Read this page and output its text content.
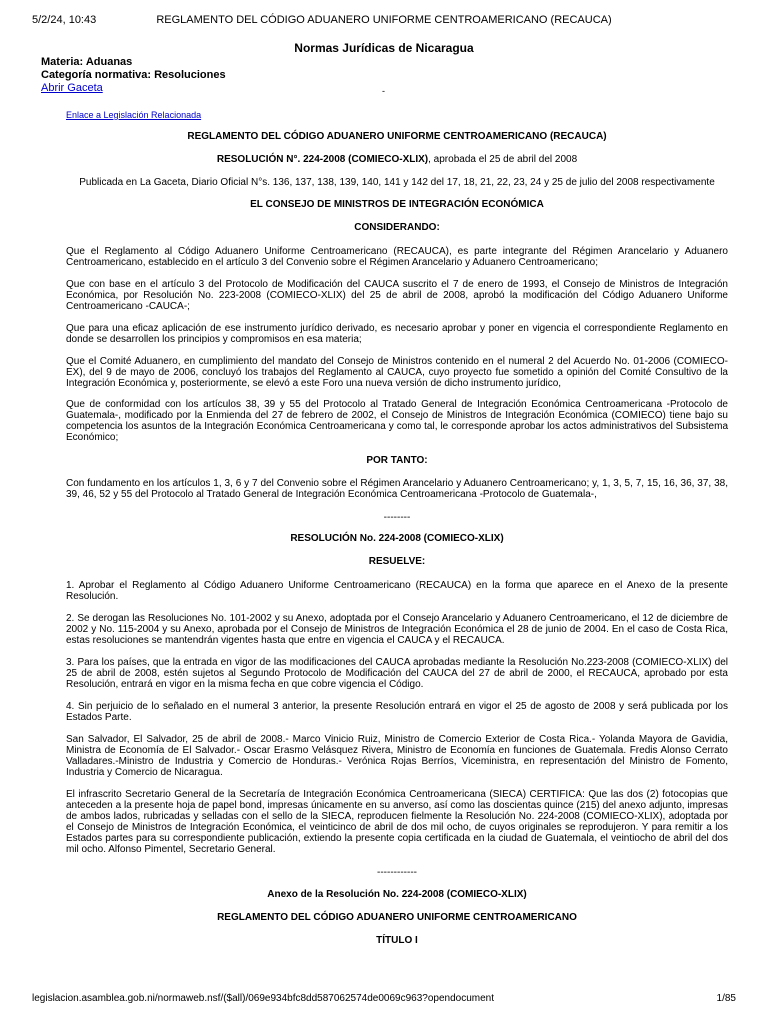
5/2/24, 10:43	REGLAMENTO DEL CÓDIGO ADUANERO UNIFORME CENTROAMERICANO (RECAUCA)
Normas Jurídicas de Nicaragua
Materia: Aduanas
Categoría normativa: Resoluciones
Abrir Gaceta	-
Enlace a Legislación Relacionada

REGLAMENTO DEL CÓDIGO ADUANERO UNIFORME CENTROAMERICANO (RECAUCA)

RESOLUCIÓN N°. 224-2008 (COMIECO-XLIX), aprobada el 25 de abril del 2008

Publicada en La Gaceta, Diario Oficial N°s. 136, 137, 138, 139, 140, 141 y 142 del 17, 18, 21, 22, 23, 24 y 25 de julio del 2008 respectivamente

EL CONSEJO DE MINISTROS DE INTEGRACIÓN ECONÓMICA

CONSIDERANDO:

Que el Reglamento al Código Aduanero Uniforme Centroamericano (RECAUCA), es parte integrante del Régimen Arancelario y Aduanero Centroamericano, establecido en el artículo 3 del Convenio sobre el Régimen Arancelario y Aduanero Centroamericano;

Que con base en el artículo 3 del Protocolo de Modificación del CAUCA suscrito el 7 de enero de 1993, el Consejo de Ministros de Integración Económica, por Resolución No. 223-2008 (COMIECO-XLIX) del 25 de abril de 2008, aprobó la modificación del Código Aduanero Uniforme Centroamericano -CAUCA-;

Que para una eficaz aplicación de ese instrumento jurídico derivado, es necesario aprobar y poner en vigencia el correspondiente Reglamento en donde se desarrollen los principios y compromisos en esa materia;

Que el Comité Aduanero, en cumplimiento del mandato del Consejo de Ministros contenido en el numeral 2 del Acuerdo No. 01-2006 (COMIECO-EX), del 9 de mayo de 2006, concluyó los trabajos del Reglamento al CAUCA, cuyo proyecto fue sometido a opinión del Comité Consultivo de la Integración Económica y, posteriormente, se elevó a este Foro una nueva versión de dicho instrumento jurídico,

Que de conformidad con los artículos 38, 39 y 55 del Protocolo al Tratado General de Integración Económica Centroamericana -Protocolo de Guatemala-, modificado por la Enmienda del 27 de febrero de 2002, el Consejo de Ministros de Integración Económica (COMIECO) tiene bajo su competencia los asuntos de la Integración Económica Centroamericana y como tal, le corresponde aprobar los actos administrativos del Subsistema Económico;

POR TANTO:

Con fundamento en los artículos 1, 3, 6 y 7 del Convenio sobre el Régimen Arancelario y Aduanero Centroamericano; y, 1, 3, 5, 7, 15, 16, 36, 37, 38, 39, 46, 52 y 55 del Protocolo al Tratado General de Integración Económica Centroamericana -Protocolo de Guatemala-,

--------

RESOLUCIÓN No. 224-2008 (COMIECO-XLIX)

RESUELVE:

1. Aprobar el Reglamento al Código Aduanero Uniforme Centroamericano (RECAUCA) en la forma que aparece en el Anexo de la presente Resolución.

2. Se derogan las Resoluciones No. 101-2002 y su Anexo, adoptada por el Consejo Arancelario y Aduanero Centroamericano, el 12 de diciembre de 2002 y No. 115-2004 y su Anexo, aprobada por el Consejo de Ministros de Integración Económica el 28 de junio de 2004. En el caso de Costa Rica, estas resoluciones se mantendrán vigentes hasta que entre en vigencia el CAUCA y el RECAUCA.

3. Para los países, que la entrada en vigor de las modificaciones del CAUCA aprobadas mediante la Resolución No.223-2008 (COMIECO-XLIX) del 25 de abril de 2008, estén sujetos al Segundo Protocolo de Modificación del CAUCA del 27 de abril de 2000, el RECAUCA, aprobado por esta Resolución, entrará en vigor en la misma fecha en que cobre vigencia el Código.

4. Sin perjuicio de lo señalado en el numeral 3 anterior, la presente Resolución entrará en vigor el 25 de agosto de 2008 y será publicada por los Estados Parte.

San Salvador, El Salvador, 25 de abril de 2008.- Marco Vinicio Ruiz, Ministro de Comercio Exterior de Costa Rica.- Yolanda Mayora de Gavidia, Ministra de Economía de El Salvador.- Oscar Erasmo Velásquez Rivera, Ministro de Economía en funciones de Guatemala. Fredis Alonso Cerrato Valladares.-Ministro de Industria y Comercio de Honduras.- Verónica Rojas Berríos, Viceministra, en representación del Ministro de Fomento, Industria y Comercio de Nicaragua.

El infrascrito Secretario General de la Secretaría de Integración Económica Centroamericana (SIECA) CERTIFICA: Que las dos (2) fotocopias que anteceden a la presente hoja de papel bond, impresas únicamente en su anverso, así como las doscientas quince (215) del anexo adjunto, impresas de ambos lados, rubricadas y selladas con el sello de la SIECA, reproducen fielmente la Resolución No. 224-2008 (COMIECO-XLIX), adoptada por el Consejo de Ministros de Integración Económica, el veinticinco de abril de dos mil ocho, de cuyos originales se reprodujeron. Y para remitir a los Estados partes para su correspondiente publicación, extiendo la presente copia certificada en la ciudad de Guatemala, el veintiocho de abril del dos mil ocho. Alfonso Pimentel, Secretario General.

------------

Anexo de la Resolución No. 224-2008 (COMIECO-XLIX)

REGLAMENTO DEL CÓDIGO ADUANERO UNIFORME CENTROAMERICANO

TÍTULO I

legislacion.asamblea.gob.ni/normaweb.nsf/($all)/069e934bfc8dd587062574de0069c963?opendocument	1/85
